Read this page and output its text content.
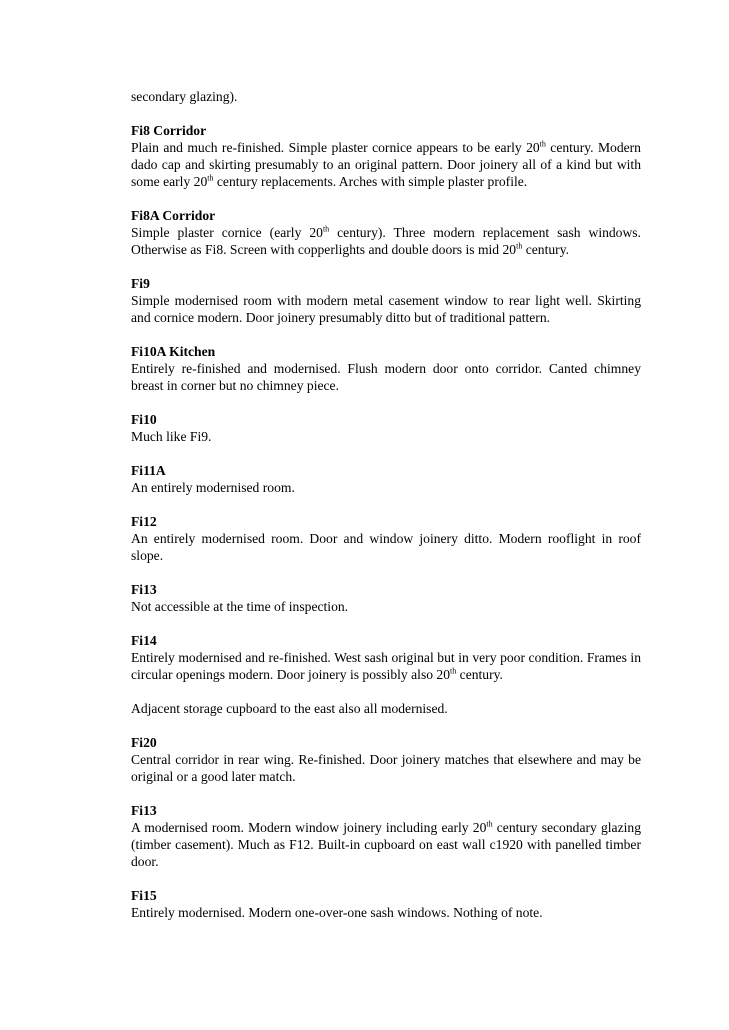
secondary glazing).
Fi8 Corridor
Plain and much re-finished. Simple plaster cornice appears to be early 20th century. Modern dado cap and skirting presumably to an original pattern. Door joinery all of a kind but with some early 20th century replacements. Arches with simple plaster profile.
Fi8A Corridor
Simple plaster cornice (early 20th century). Three modern replacement sash windows. Otherwise as Fi8. Screen with copperlights and double doors is mid 20th century.
Fi9
Simple modernised room with modern metal casement window to rear light well. Skirting and cornice modern. Door joinery presumably ditto but of traditional pattern.
Fi10A Kitchen
Entirely re-finished and modernised. Flush modern door onto corridor. Canted chimney breast in corner but no chimney piece.
Fi10
Much like Fi9.
Fi11A
An entirely modernised room.
Fi12
An entirely modernised room. Door and window joinery ditto. Modern rooflight in roof slope.
Fi13
Not accessible at the time of inspection.
Fi14
Entirely modernised and re-finished. West sash original but in very poor condition. Frames in circular openings modern. Door joinery is possibly also 20th century.
Adjacent storage cupboard to the east also all modernised.
Fi20
Central corridor in rear wing. Re-finished. Door joinery matches that elsewhere and may be original or a good later match.
Fi13
A modernised room. Modern window joinery including early 20th century secondary glazing (timber casement). Much as F12. Built-in cupboard on east wall c1920 with panelled timber door.
Fi15
Entirely modernised. Modern one-over-one sash windows. Nothing of note.
